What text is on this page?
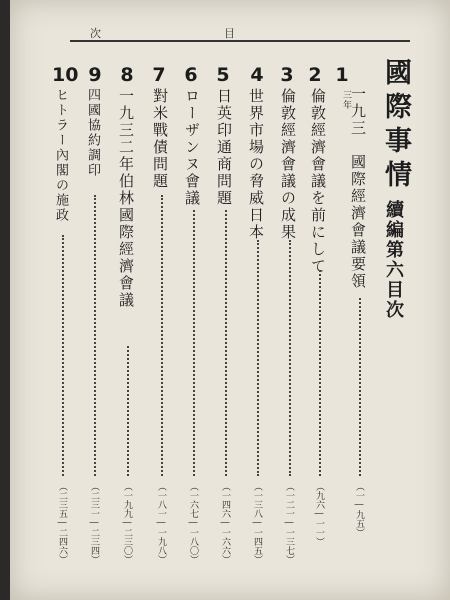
次	目
國際事情
續編第六目次
1
三年
一九三　國際經濟會議要領
（一―九五）
2
倫敦經濟會議を前にして
（九六―一一）
3
倫敦經濟會議の成果
（一二一―一三七）
4
世界市場の脅威日本
（一三八―一四五）
5
日英印通商問題
（一四六―一六六）
6
ローザンヌ會議
（一六七―一八〇）
7
對米戰債問題
（一八一―一九八）
8
一九三二年伯林國際經濟會議
（一九九―二三〇）
9
四國協約調印
（二三一―二三四）
10
ヒトラー內閣の施政
（二三五―二四六）
